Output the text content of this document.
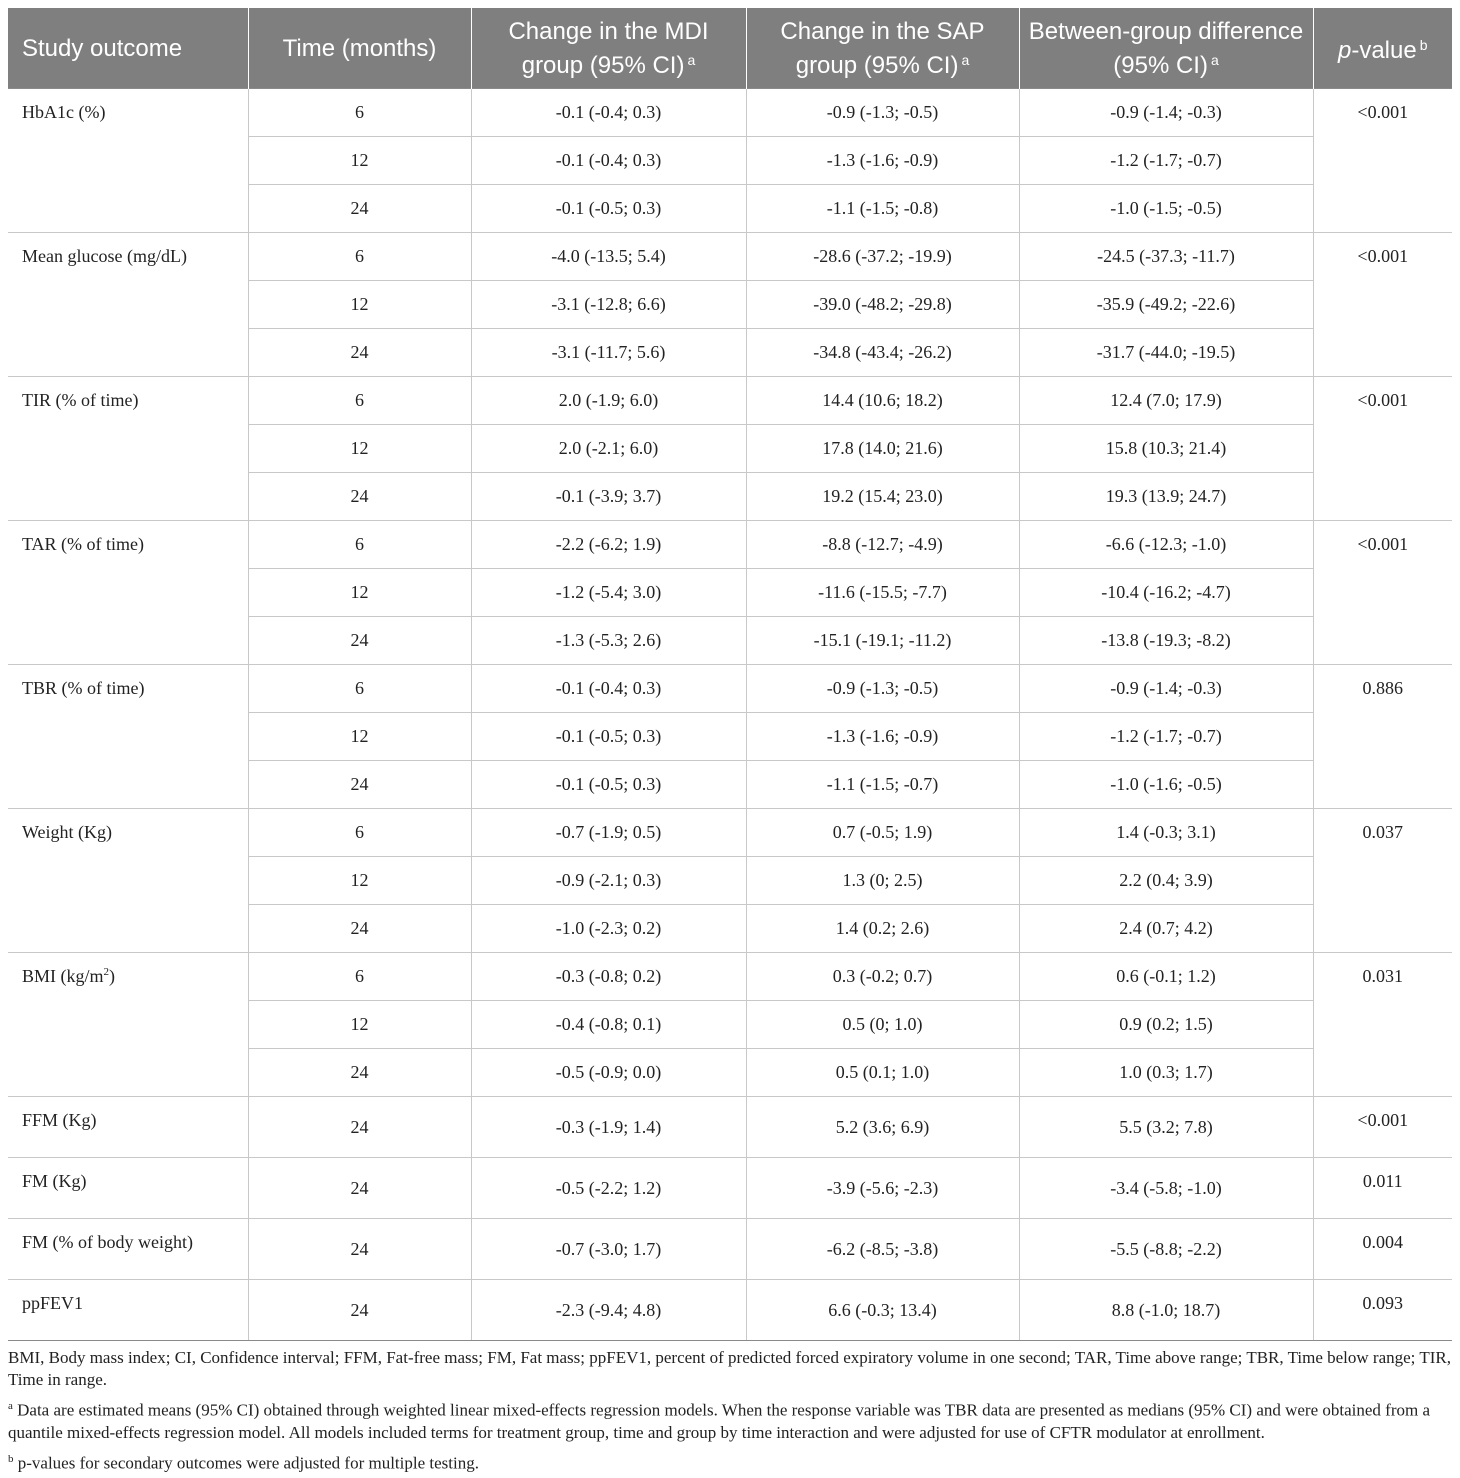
Study outcome	Time (months)	Change in the MDI group (95% CI) $^a$	Change in the SAP group (95% CI) $^a$	Between-group difference (95% CI) $^a$	p-value $^b$
HbA1c (%)	6	-0.1 (-0.4; 0.3)	-0.9 (-1.3; -0.5)	-0.9 (-1.4; -0.3)	<0.001
	12	-0.1 (-0.4; 0.3)	-1.3 (-1.6; -0.9)	-1.2 (-1.7; -0.7)	
	24	-0.1 (-0.5; 0.3)	-1.1 (-1.5; -0.8)	-1.0 (-1.5; -0.5)	
Mean glucose (mg/dL)	6	-4.0 (-13.5; 5.4)	-28.6 (-37.2; -19.9)	-24.5 (-37.3; -11.7)	<0.001
	12	-3.1 (-12.8; 6.6)	-39.0 (-48.2; -29.8)	-35.9 (-49.2; -22.6)	
	24	-3.1 (-11.7; 5.6)	-34.8 (-43.4; -26.2)	-31.7 (-44.0; -19.5)	
TIR (% of time)	6	2.0 (-1.9; 6.0)	14.4 (10.6; 18.2)	12.4 (7.0; 17.9)	<0.001
	12	2.0 (-2.1; 6.0)	17.8 (14.0; 21.6)	15.8 (10.3; 21.4)	
	24	-0.1 (-3.9; 3.7)	19.2 (15.4; 23.0)	19.3 (13.9; 24.7)	
TAR (% of time)	6	-2.2 (-6.2; 1.9)	-8.8 (-12.7; -4.9)	-6.6 (-12.3; -1.0)	<0.001
	12	-1.2 (-5.4; 3.0)	-11.6 (-15.5; -7.7)	-10.4 (-16.2; -4.7)	
	24	-1.3 (-5.3; 2.6)	-15.1 (-19.1; -11.2)	-13.8 (-19.3; -8.2)	
TBR (% of time)	6	-0.1 (-0.4; 0.3)	-0.9 (-1.3; -0.5)	-0.9 (-1.4; -0.3)	0.886
	12	-0.1 (-0.5; 0.3)	-1.3 (-1.6; -0.9)	-1.2 (-1.7; -0.7)	
	24	-0.1 (-0.5; 0.3)	-1.1 (-1.5; -0.7)	-1.0 (-1.6; -0.5)	
Weight (Kg)	6	-0.7 (-1.9; 0.5)	0.7 (-0.5; 1.9)	1.4 (-0.3; 3.1)	0.037
	12	-0.9 (-2.1; 0.3)	1.3 (0; 2.5)	2.2 (0.4; 3.9)	
	24	-1.0 (-2.3; 0.2)	1.4 (0.2; 2.6)	2.4 (0.7; 4.2)	
BMI $(kg/m^2)$	6	-0.3 (-0.8; 0.2)	0.3 (-0.2; 0.7)	0.6 (-0.1; 1.2)	0.031
	12	-0.4 (-0.8; 0.1)	0.5 (0; 1.0)	0.9 (0.2; 1.5)	
	24	-0.5 (-0.9; 0.0)	0.5 (0.1; 1.0)	1.0 (0.3; 1.7)	
FFM (Kg)	24	-0.3 (-1.9; 1.4)	5.2 (3.6; 6.9)	5.5 (3.2; 7.8)	<0.001
FM (Kg)	24	-0.5 (-2.2; 1.2)	-3.9 (-5.6; -2.3)	-3.4 (-5.8; -1.0)	0.011
FM (% of body weight)	24	-0.7 (-3.0; 1.7)	-6.2 (-8.5; -3.8)	-5.5 (-8.8; -2.2)	0.004
ppFEV1	24	-2.3 (-9.4; 4.8)	6.6 (-0.3; 13.4)	8.8 (-1.0; 18.7)	0.093

BMI, Body mass index; CI, Confidence interval; FFM, Fat-free mass; FM, Fat mass; ppFEV1, percent of predicted forced expiratory volume in one second; TAR, Time above range; TBR, Time below range; TIR, Time in range.

$^a$ Data are estimated means (95% CI) obtained through weighted linear mixed-effects regression models. When the response variable was TBR data are presented as medians (95% CI) and were obtained from a quantile mixed-effects regression model. All models included terms for treatment group, time and group by time interaction and were adjusted for use of CFTR modulator at enrollment.

$^b$ p-values for secondary outcomes were adjusted for multiple testing.
